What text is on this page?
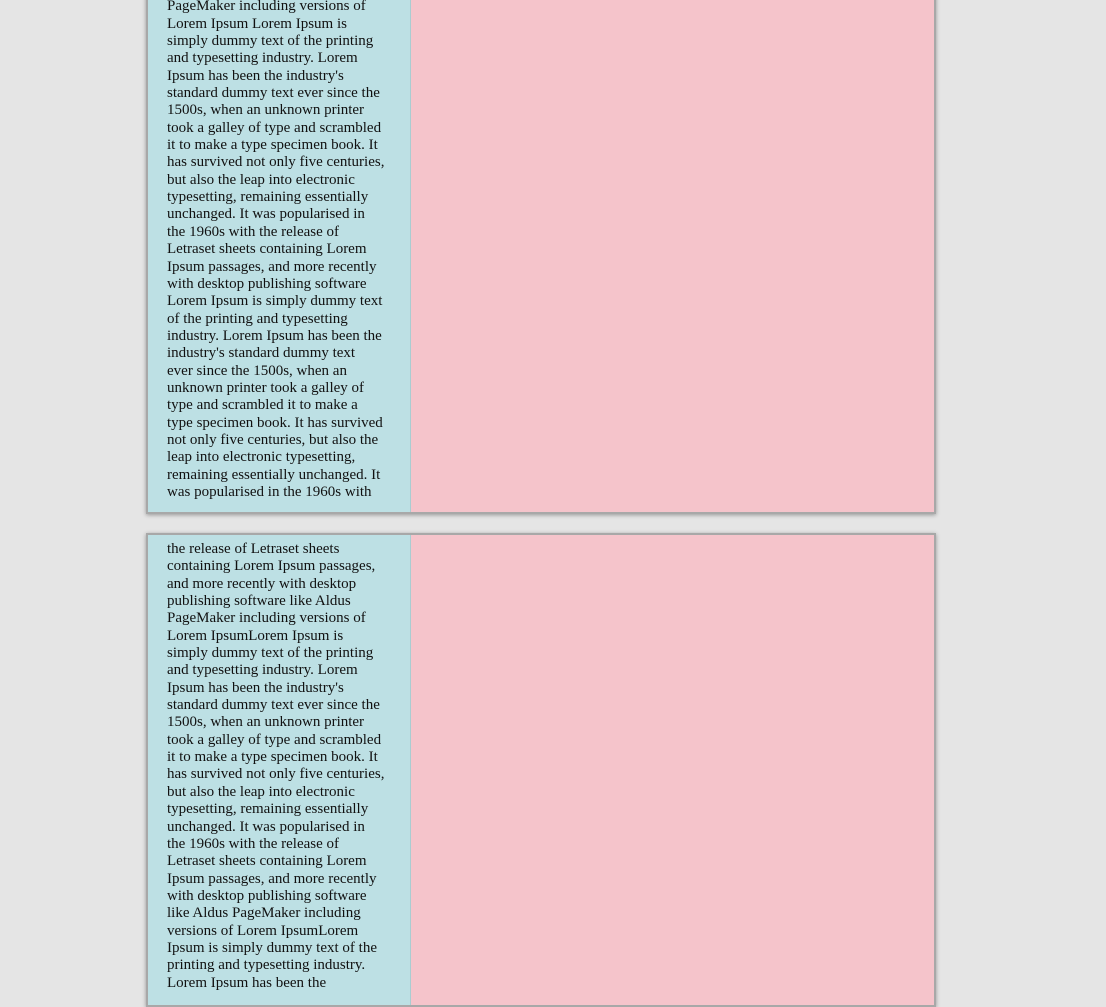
PageMaker including versions of
Lorem Ipsum Lorem Ipsum is
simply dummy text of the printing
and typesetting industry. Lorem
Ipsum has been the industry's
standard dummy text ever since the
1500s, when an unknown printer
took a galley of type and scrambled
it to make a type specimen book. It
has survived not only five centuries,
but also the leap into electronic
typesetting, remaining essentially
unchanged. It was popularised in
the 1960s with the release of
Letraset sheets containing Lorem
Ipsum passages, and more recently
with desktop publishing software
Lorem Ipsum is simply dummy text
of the printing and typesetting
industry. Lorem Ipsum has been the
industry's standard dummy text
ever since the 1500s, when an
unknown printer took a galley of
type and scrambled it to make a
type specimen book. It has survived
not only five centuries, but also the
leap into electronic typesetting,
remaining essentially unchanged. It
was popularised in the 1960s with
the release of Letraset sheets
containing Lorem Ipsum passages,
and more recently with desktop
publishing software like Aldus
PageMaker including versions of
Lorem IpsumLorem Ipsum is
simply dummy text of the printing
and typesetting industry. Lorem
Ipsum has been the industry's
standard dummy text ever since the
1500s, when an unknown printer
took a galley of type and scrambled
it to make a type specimen book. It
has survived not only five centuries,
but also the leap into electronic
typesetting, remaining essentially
unchanged. It was popularised in
the 1960s with the release of
Letraset sheets containing Lorem
Ipsum passages, and more recently
with desktop publishing software
like Aldus PageMaker including
versions of Lorem IpsumLorem
Ipsum is simply dummy text of the
printing and typesetting industry.
Lorem Ipsum has been the
